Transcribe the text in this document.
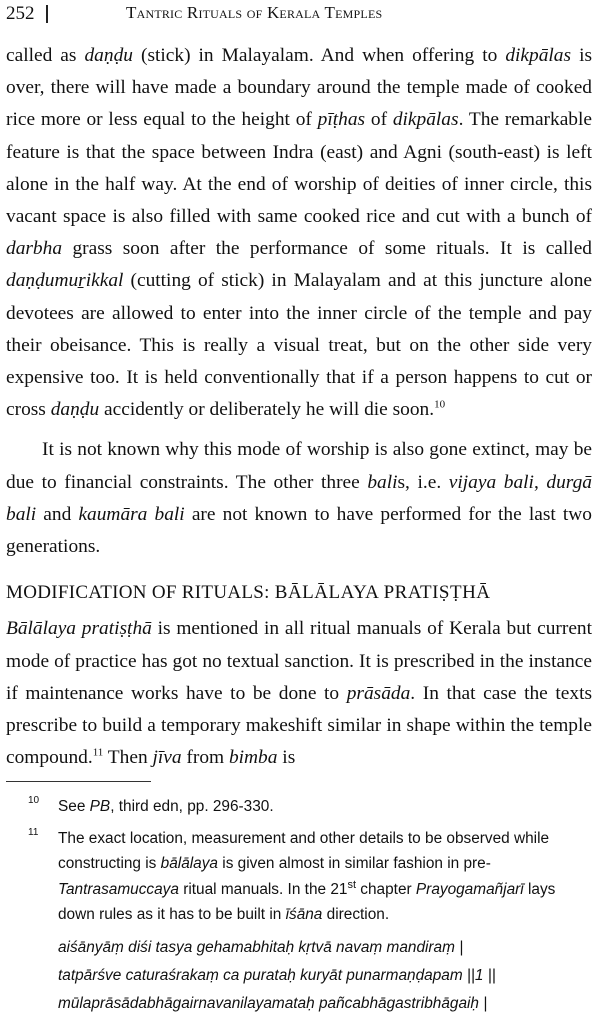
252	Tantric Rituals of Kerala Temples

called as daṇḍu (stick) in Malayalam. And when offering to dikpālas is over, there will have made a boundary around the temple made of cooked rice more or less equal to the height of pīṭhas of dikpālas. The remarkable feature is that the space between Indra (east) and Agni (south-east) is left alone in the half way. At the end of worship of deities of inner circle, this vacant space is also filled with same cooked rice and cut with a bunch of darbha grass soon after the performance of some rituals. It is called daṇḍumuṟikkal (cutting of stick) in Malayalam and at this juncture alone devotees are allowed to enter into the inner circle of the temple and pay their obeisance. This is really a visual treat, but on the other side very expensive too. It is held conventionally that if a person happens to cut or cross daṇḍu accidently or deliberately he will die soon.$^{10}$

It is not known why this mode of worship is also gone extinct, may be due to financial constraints. The other three balis, i.e. vijaya bali, durgā bali and kaumāra bali are not known to have performed for the last two generations.

MODIFICATION OF RITUALS: BĀLĀLAYA PRATIṢṬHĀ

Bālālaya pratiṣṭhā is mentioned in all ritual manuals of Kerala but current mode of practice has got no textual sanction. It is prescribed in the instance if maintenance works have to be done to prāsāda. In that case the texts prescribe to build a temporary makeshift similar in shape within the temple compound.$^{11}$ Then jīva from bimba is

10	See PB, third edn, pp. 296-330.
11	The exact location, measurement and other details to be observed while constructing is bālālaya is given almost in similar fashion in pre-Tantrasamuccaya ritual manuals. In the 21st chapter Prayogamañjarī lays down rules as it has to be built in īśāna direction.
aiśānyāṃ diśi tasya gehamabhitaḥ kṛtvā navaṃ mandiraṃ |
tatpārśve caturaśrakaṃ ca purataḥ kuryāt punarmaṇḍapam ||1 ||
mūlaprāsādabhāgairnavanilayamataḥ pañcabhāgastribhāgaiḥ |
